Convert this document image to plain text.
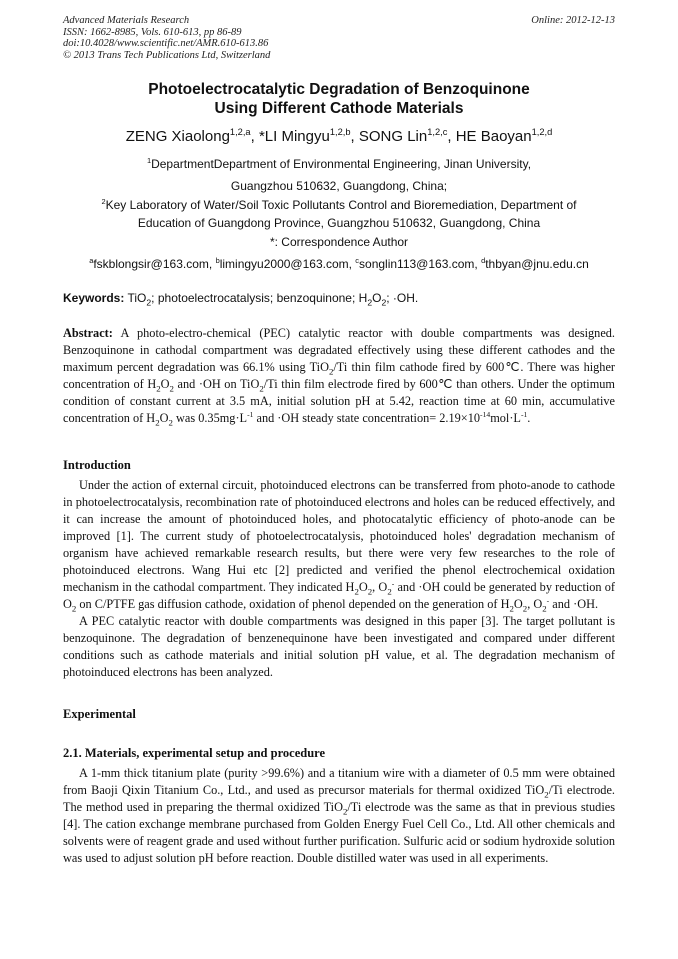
Advanced Materials Research
ISSN: 1662-8985, Vols. 610-613, pp 86-89
doi:10.4028/www.scientific.net/AMR.610-613.86
© 2013 Trans Tech Publications Ltd, Switzerland
Online: 2012-12-13
Photoelectrocatalytic Degradation of Benzoquinone
Using Different Cathode Materials
ZENG Xiaolong$^{1,2,a}$, *LI Mingyu$^{1,2,b}$, SONG Lin$^{1,2,c}$, HE Baoyan$^{1,2,d}$
$^1$DepartmentDepartment of Environmental Engineering, Jinan University,
Guangzhou 510632, Guangdong, China;
$^2$Key Laboratory of Water/Soil Toxic Pollutants Control and Bioremediation, Department of
Education of Guangdong Province, Guangzhou 510632, Guangdong, China
*: Correspondence Author
$^a$fskblongsir@163.com, $^b$limingyu2000@163.com, $^c$songlin113@163.com, $^d$thbyan@jnu.edu.cn
Keywords: TiO$_2$; photoelectrocatalysis; benzoquinone; $H_2O_2$; ·OH.
Abstract: A photo-electro-chemical (PEC) catalytic reactor with double compartments was designed. Benzoquinone in cathodal compartment was degradated effectively using these different cathodes and the maximum percent degradation was 66.1% using TiO$_2$/Ti thin film cathode fired by 600℃. There was higher concentration of $H_2O_2$ and ·OH on TiO$_2$/Ti thin film electrode fired by 600℃ than others. Under the optimum condition of constant current at 3.5 mA, initial solution pH at 5.42, reaction time at 60 min, accumulative concentration of $H_2O_2$ was $0.35mg\cdot L^{-1}$ and ·OH steady state concentration= $2.19\times 10^{-14}mol\cdot L^{-1}$.
Introduction

Under the action of external circuit, photoinduced electrons can be transferred from photo-anode to cathode in photoelectrocatalysis, recombination rate of photoinduced electrons and holes can be reduced effectively, and it can increase the amount of photoinduced holes, and photocatalytic efficiency of photo-anode can be improved [1]. The current study of photoelectrocatalysis, photoinduced holes' degradation mechanism of organism have achieved remarkable research results, but there were very few researches to the role of photoinduced electrons. Wang Hui etc [2] predicted and verified the phenol electrochemical oxidation mechanism in the cathodal compartment. They indicated $H_2O_2$, $O_2^-$ and ·OH could be generated by reduction of $O_2$ on C/PTFE gas diffusion cathode, oxidation of phenol depended on the generation of $H_2O_2$, $O_2^-$ and ·OH.

A PEC catalytic reactor with double compartments was designed in this paper [3]. The target pollutant is benzoquinone. The degradation of benzenequinone have been investigated and compared under different conditions such as cathode materials and initial solution pH value, et al. The degradation mechanism of photoinduced electrons has been analyzed.

Experimental
2.1. Materials, experimental setup and procedure

A 1-mm thick titanium plate (purity >99.6%) and a titanium wire with a diameter of 0.5 mm were obtained from Baoji Qixin Titanium Co., Ltd., and used as precursor materials for thermal oxidized TiO$_2$/Ti electrode. The method used in preparing the thermal oxidized TiO$_2$/Ti electrode was the same as that in previous studies [4]. The cation exchange membrane purchased from Golden Energy Fuel Cell Co., Ltd. All other chemicals and solvents were of reagent grade and used without further purification. Sulfuric acid or sodium hydroxide solution was used to adjust solution pH before reaction. Double distilled water was used in all experiments.
